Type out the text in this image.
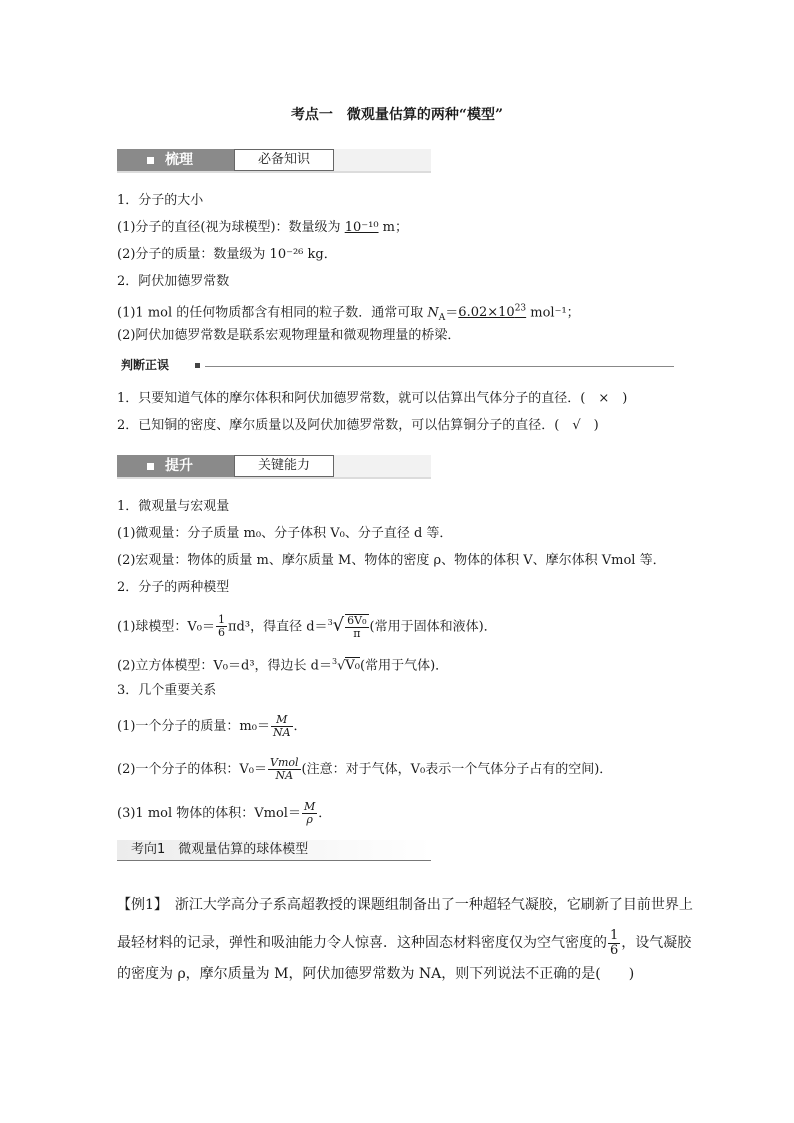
考点一　微观量估算的两种“模型”
梳理	必备知识
1．分子的大小
(1)分子的直径(视为球模型)：数量级为 10⁻¹⁰ m；
(2)分子的质量：数量级为 10⁻²⁶ kg．
2．阿伏加德罗常数
(1)1 mol 的任何物质都含有相同的粒子数．通常可取 $N_A=6.02\times 10^{23}$ mol⁻¹；
(2)阿伏加德罗常数是联系宏观物理量和微观物理量的桥梁．
判断正误
1．只要知道气体的摩尔体积和阿伏加德罗常数，就可以估算出气体分子的直径．(　×　)
2．已知铜的密度、摩尔质量以及阿伏加德罗常数，可以估算铜分子的直径．(　√　)
提升	关键能力
1．微观量与宏观量
(1)微观量：分子质量 m₀、分子体积 V₀、分子直径 d 等．
(2)宏观量：物体的质量 m、摩尔质量 M、物体的密度 ρ、物体的体积 V、摩尔体积 Vmol 等．
2．分子的两种模型
(1)球模型：$V_0= \frac{1}{6} \pi d^3$，得直径 $d=^3√ \frac{\text{6V₀}}{\pi}$ (常用于固体和液体)．
(2)立方体模型：V₀＝d³，得边长 d＝$^3$√V₀(常用于气体)．
3．几个重要关系
(1)一个分子的质量：$m_0= \frac{M}{NA}$ ．
(2)一个分子的体积：$V_0= \frac{\text{Vmol}}{NA}$ (注意：对于气体，V₀表示一个气体分子占有的空间)．
(3)1 mol 物体的体积：Vmol＝ $\frac{M}{\rho}$ ．
考向1　微观量估算的球体模型
【例1】　浙江大学高分子系高超教授的课题组制备出了一种超轻气凝胶，它刷新了目前世界上
最轻材料的记录，弹性和吸油能力令人惊喜．这种固态材料密度仅为空气密度的 $\frac{1}{6}$ ，设气凝胶
的密度为 ρ，摩尔质量为 M，阿伏加德罗常数为 NA，则下列说法不正确的是(　　)
